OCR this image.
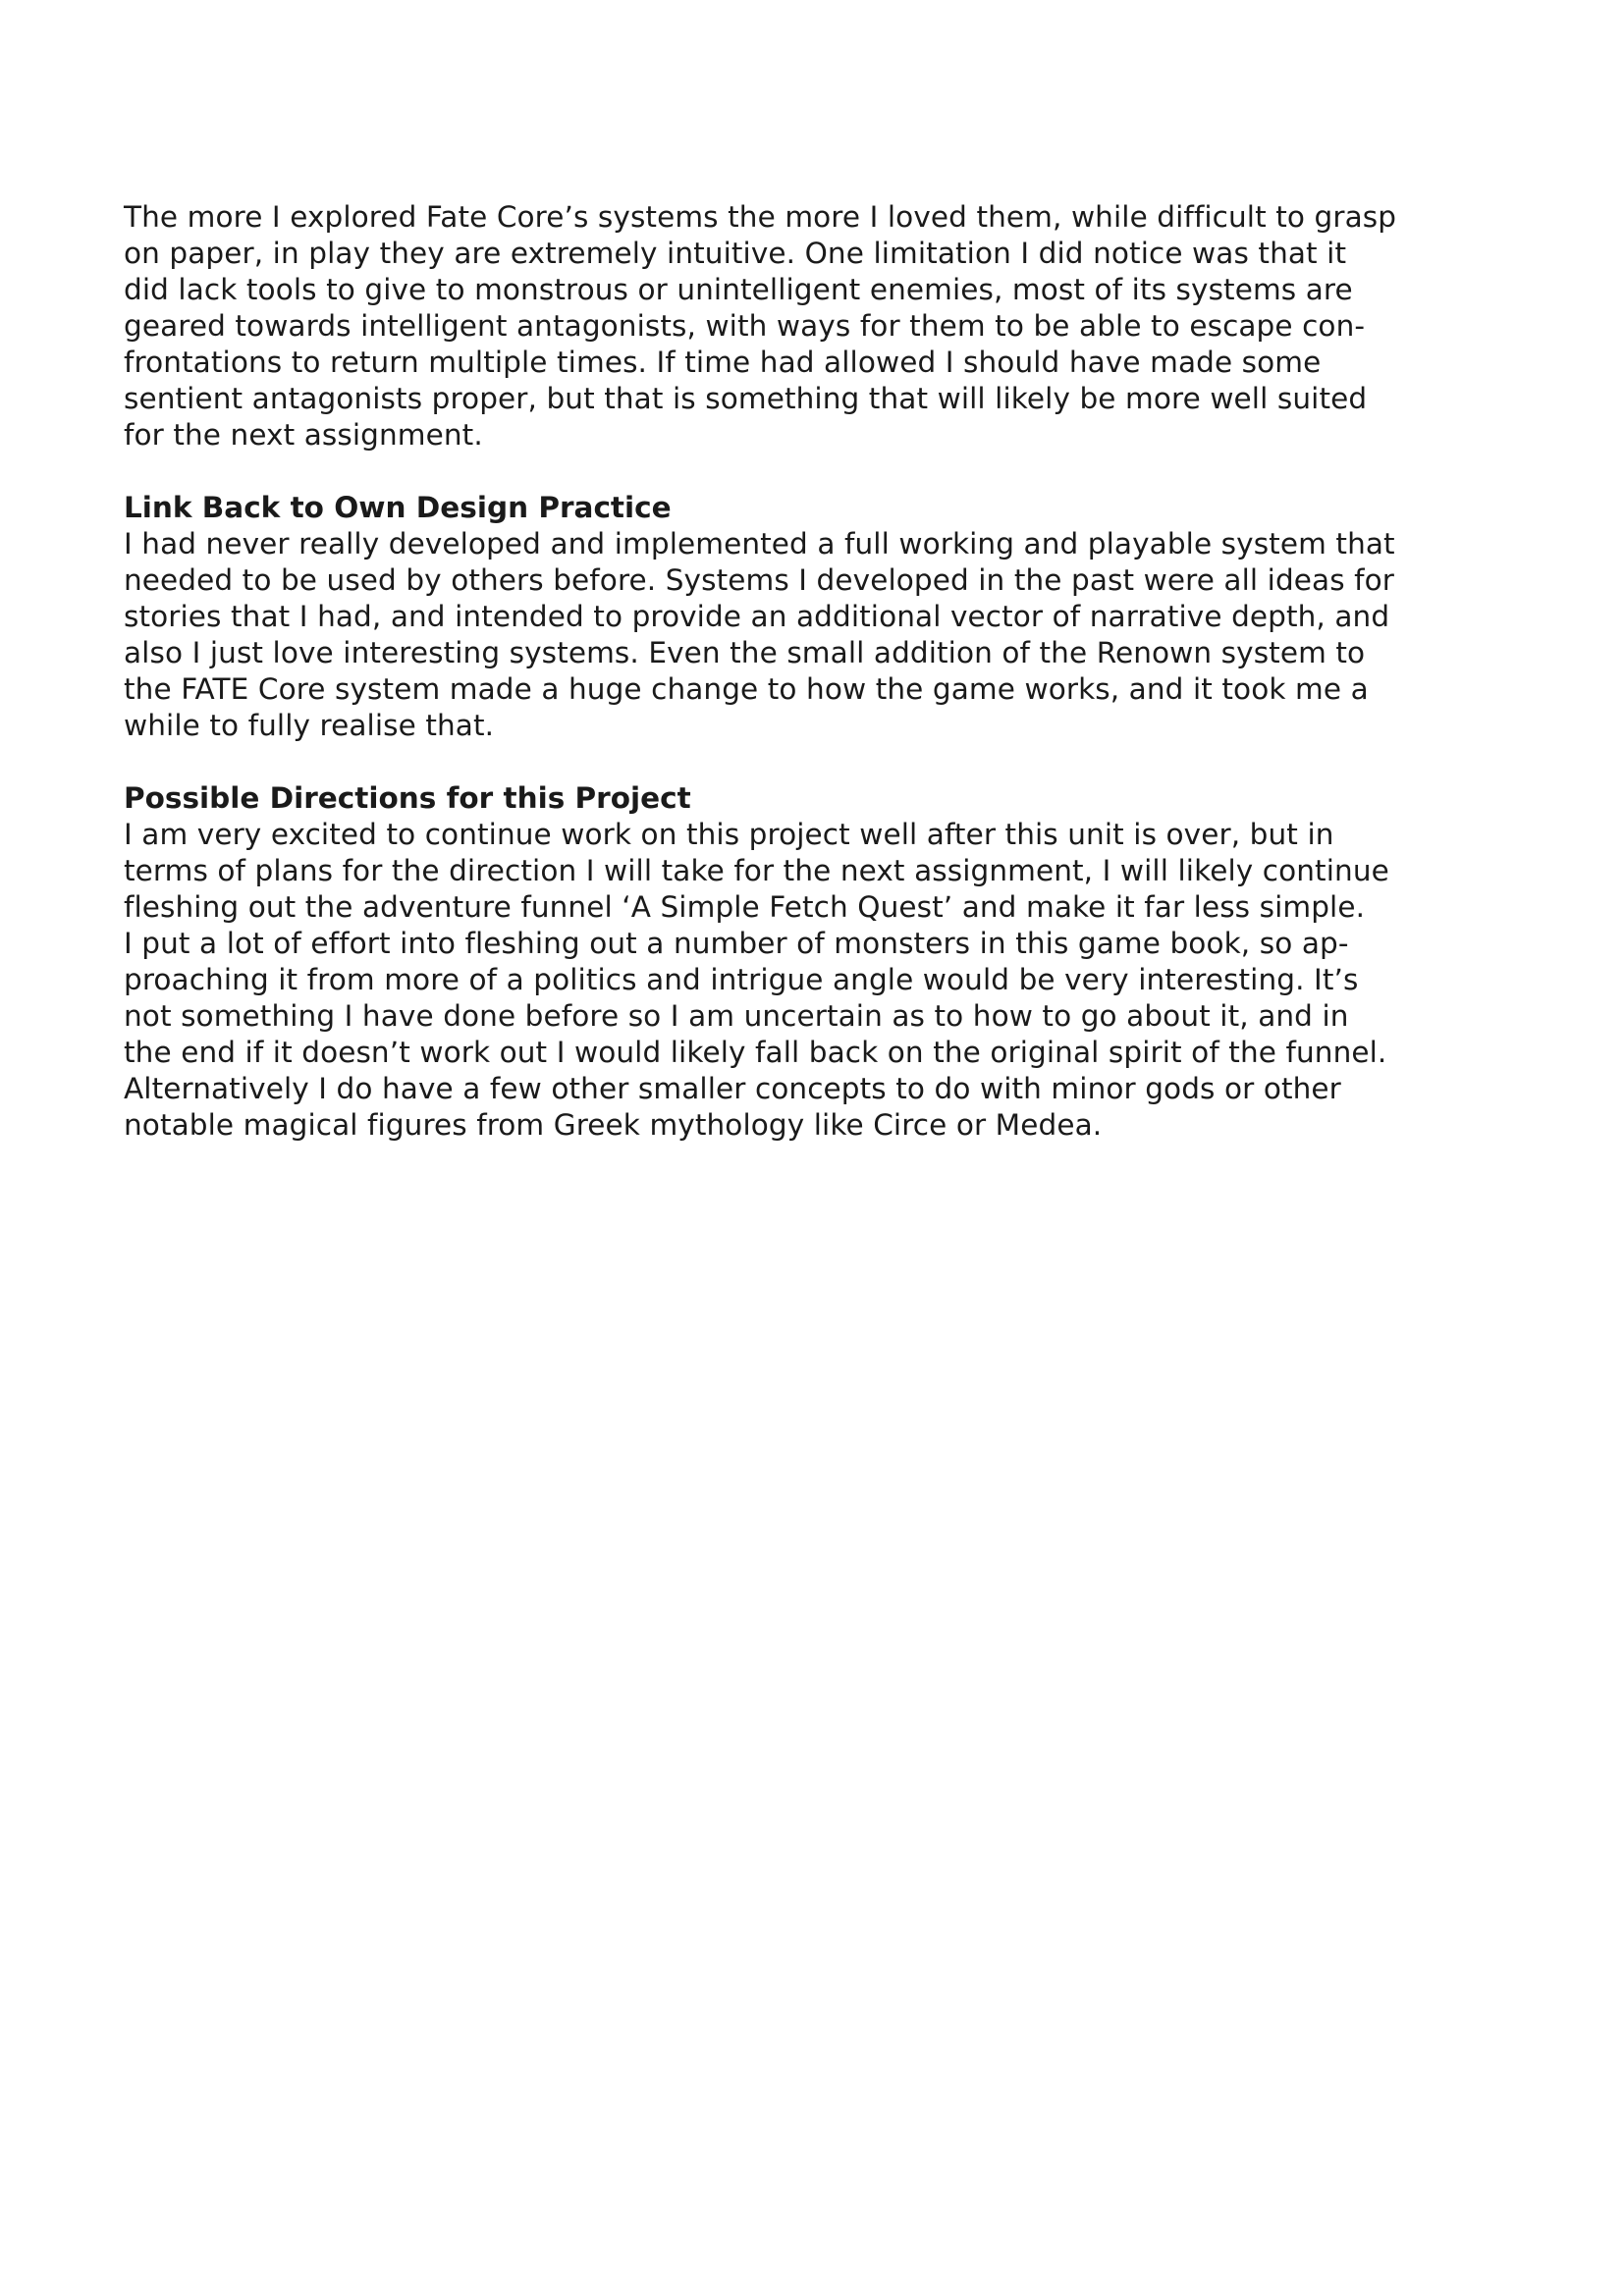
The more I explored Fate Core’s systems the more I loved them, while difficult to grasp
on paper, in play they are extremely intuitive. One limitation I did notice was that it
did lack tools to give to monstrous or unintelligent enemies, most of its systems are
geared towards intelligent antagonists, with ways for them to be able to escape con-
frontations to return multiple times. If time had allowed I should have made some
sentient antagonists proper, but that is something that will likely be more well suited
for the next assignment.
Link Back to Own Design Practice
I had never really developed and implemented a full working and playable system that
needed to be used by others before. Systems I developed in the past were all ideas for
stories that I had, and intended to provide an additional vector of narrative depth, and
also I just love interesting systems. Even the small addition of the Renown system to
the FATE Core system made a huge change to how the game works, and it took me a
while to fully realise that.
Possible Directions for this Project
I am very excited to continue work on this project well after this unit is over, but in
terms of plans for the direction I will take for the next assignment, I will likely continue
fleshing out the adventure funnel ‘A Simple Fetch Quest’ and make it far less simple.
I put a lot of effort into fleshing out a number of monsters in this game book, so ap-
proaching it from more of a politics and intrigue angle would be very interesting. It’s
not something I have done before so I am uncertain as to how to go about it, and in
the end if it doesn’t work out I would likely fall back on the original spirit of the funnel.
Alternatively I do have a few other smaller concepts to do with minor gods or other
notable magical figures from Greek mythology like Circe or Medea.
